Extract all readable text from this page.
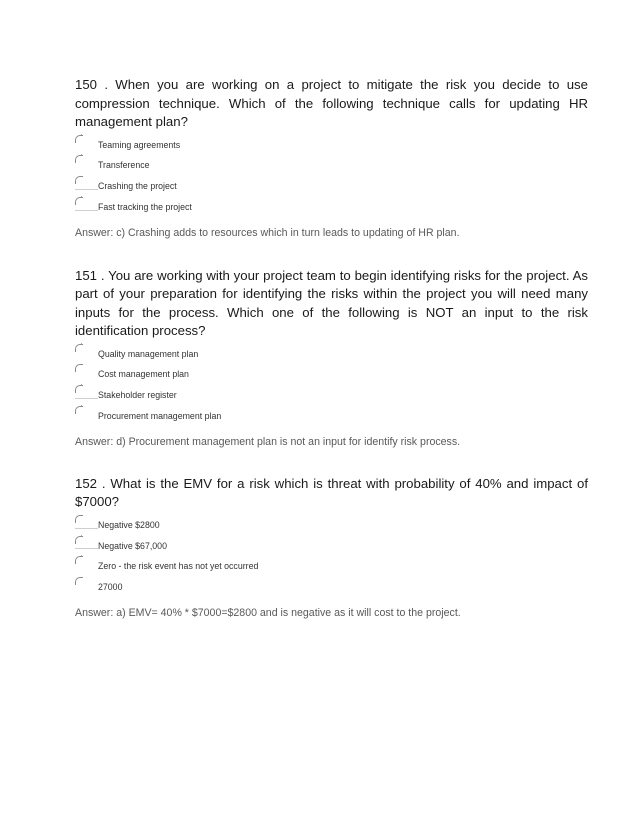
150 . When you are working on a project to mitigate the risk you decide to use compression technique. Which of the following technique calls for updating HR management plan?

Teaming agreements
Transference
Crashing the project
Fast tracking the project
Answer: c) Crashing adds to resources which in turn leads to updating of HR plan.

151 . You are working with your project team to begin identifying risks for the project. As part of your preparation for identifying the risks within the project you will need many inputs for the process. Which one of the following is NOT an input to the risk identification process?

Quality management plan
Cost management plan
Stakeholder register
Procurement management plan
Answer: d) Procurement management plan is not an input for identify risk process.

152 . What is the EMV for a risk which is threat with probability of 40% and impact of $7000?

Negative $2800
Negative $67,000
Zero - the risk event has not yet occurred
27000
Answer: a) EMV= 40% * $7000=$2800 and is negative as it will cost to the project.
